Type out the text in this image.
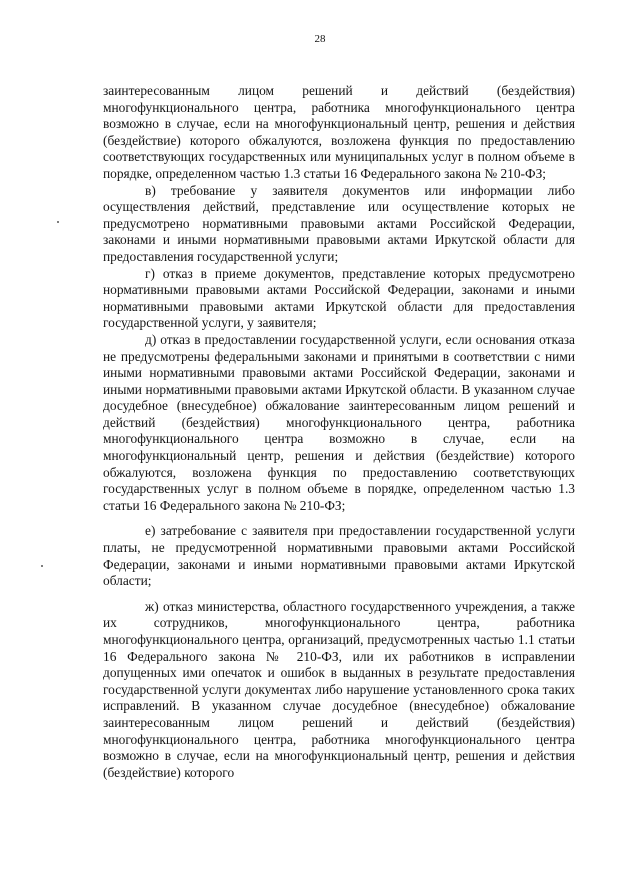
28

заинтересованным лицом решений и действий (бездействия) многофункционального центра, работника многофункционального центра возможно в случае, если на многофункциональный центр, решения и действия (бездействие) которого обжалуются, возложена функция по предоставлению соответствующих государственных или муниципальных услуг в полном объеме в порядке, определенном частью 1.3 статьи 16 Федерального закона № 210-ФЗ;

в) требование у заявителя документов или информации либо осуществления действий, представление или осуществление которых не предусмотрено нормативными правовыми актами Российской Федерации, законами и иными нормативными правовыми актами Иркутской области для предоставления государственной услуги;

г) отказ в приеме документов, представление которых предусмотрено нормативными правовыми актами Российской Федерации, законами и иными нормативными правовыми актами Иркутской области для предоставления государственной услуги, у заявителя;

д) отказ в предоставлении государственной услуги, если основания отказа не предусмотрены федеральными законами и принятыми в соответствии с ними иными нормативными правовыми актами Российской Федерации, законами и иными нормативными правовыми актами Иркутской области. В указанном случае досудебное (внесудебное) обжалование заинтересованным лицом решений и действий (бездействия) многофункционального центра, работника многофункционального центра возможно в случае, если на многофункциональный центр, решения и действия (бездействие) которого обжалуются, возложена функция по предоставлению соответствующих государственных услуг в полном объеме в порядке, определенном частью 1.3 статьи 16 Федерального закона № 210-ФЗ;

е) затребование с заявителя при предоставлении государственной услуги платы, не предусмотренной нормативными правовыми актами Российской Федерации, законами и иными нормативными правовыми актами Иркутской области;

ж) отказ министерства, областного государственного учреждения, а также их сотрудников, многофункционального центра, работника многофункционального центра, организаций, предусмотренных частью 1.1 статьи 16 Федерального закона № 210-ФЗ, или их работников в исправлении допущенных ими опечаток и ошибок в выданных в результате предоставления государственной услуги документах либо нарушение установленного срока таких исправлений. В указанном случае досудебное (внесудебное) обжалование заинтересованным лицом решений и действий (бездействия) многофункционального центра, работника многофункционального центра возможно в случае, если на многофункциональный центр, решения и действия (бездействие) которого
